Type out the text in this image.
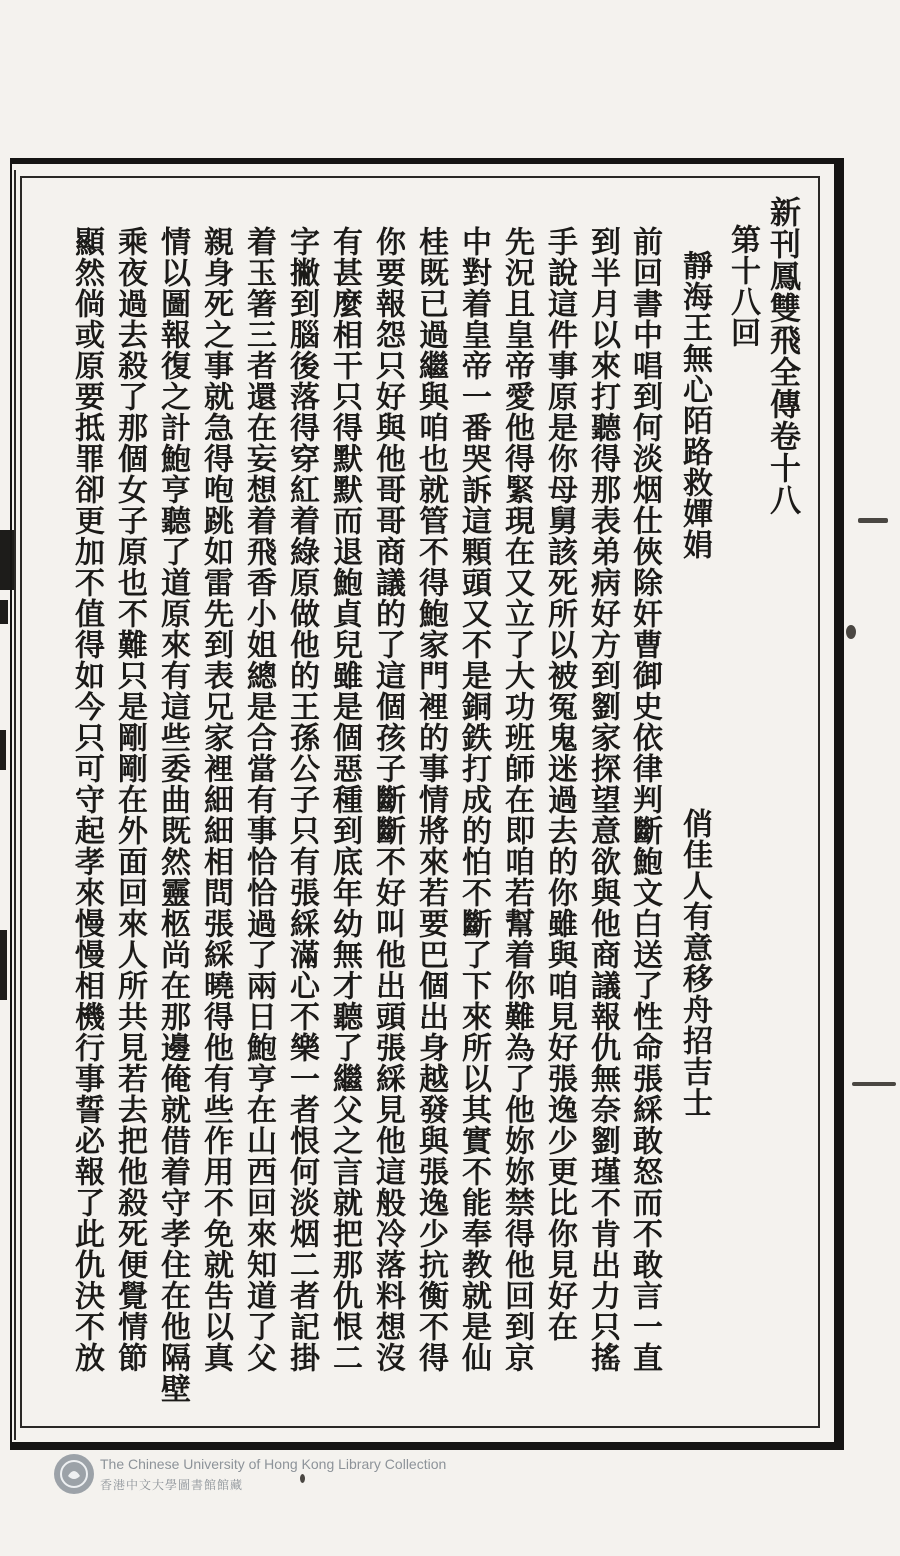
新刊鳳雙飛全傳卷十八
第十八回
靜海王無心陌路救嬋娟
俏佳人有意移舟招吉士
前回書中唱到何淡烟仕俠除奸曹御史依律判斷鮑文白送了性命張綵敢怒而不敢言一直
到半月以來打聽得那表弟病好方到劉家探望意欲與他商議報仇無奈劉瑾不肯出力只搖
手說這件事原是你母舅該死所以被冤鬼迷過去的你雖與咱見好張逸少更比你見好在
先況且皇帝愛他得緊現在又立了大功班師在即咱若幫着你難為了他妳妳禁得他回到京
中對着皇帝一番哭訴這顆頭又不是銅鉄打成的怕不斷了下來所以其實不能奉教就是仙
桂既已過繼與咱也就管不得鮑家門裡的事情將來若要巴個出身越發與張逸少抗衡不得
你要報怨只好與他哥哥商議的了這個孩子斷斷不好叫他出頭張綵見他這般冷落料想沒
有甚麼相干只得默默而退鮑貞兒雖是個惡種到底年幼無才聽了繼父之言就把那仇恨二
字撇到腦後落得穿紅着綠原做他的王孫公子只有張綵滿心不樂一者恨何淡烟二者記掛
着玉箸三者還在妄想着飛香小姐總是合當有事恰恰過了兩日鮑亨在山西回來知道了父
親身死之事就急得咆跳如雷先到表兄家裡細細相問張綵曉得他有些作用不免就吿以真
情以圖報復之計鮑亨聽了道原來有這些委曲既然靈柩尚在那邊俺就借着守孝住在他隔壁
乘夜過去殺了那個女子原也不難只是剛剛在外面回來人所共見若去把他殺死便覺情節
顯然倘或原要抵罪卻更加不值得如今只可守起孝來慢慢相機行事誓必報了此仇決不放
The Chinese University of Hong Kong Library Collection
香港中文大學圖書館館藏
